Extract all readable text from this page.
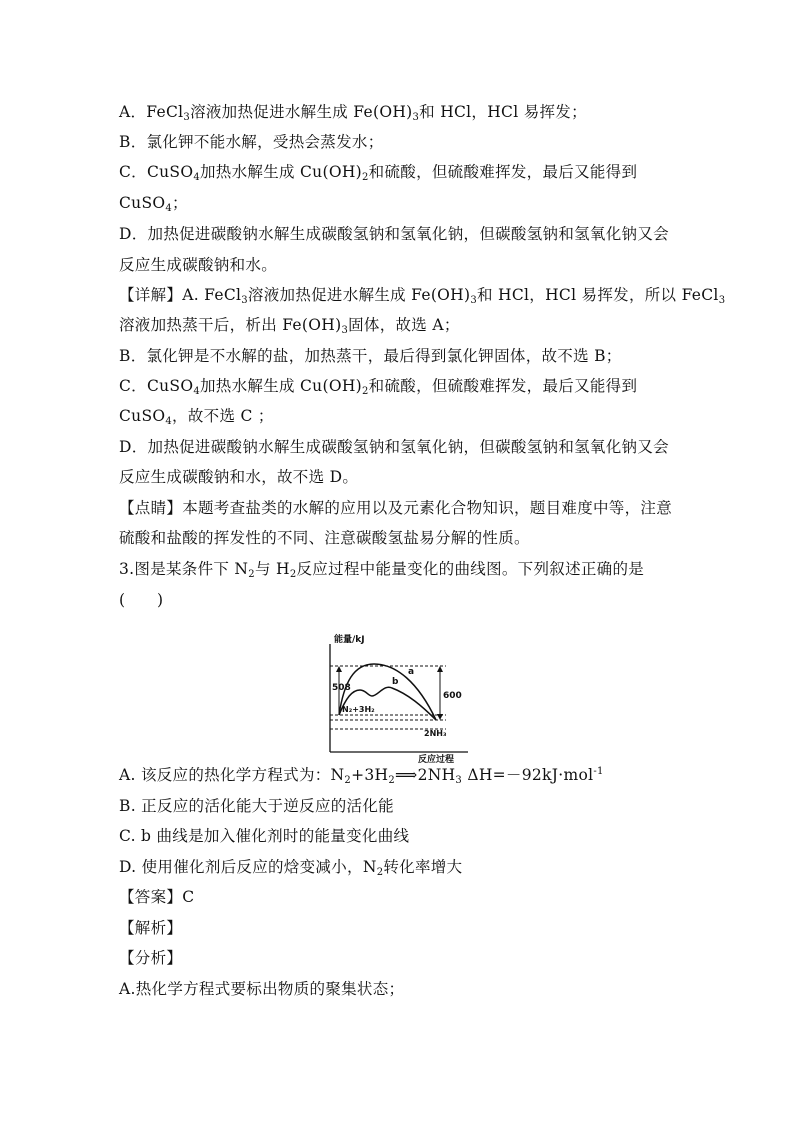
A．FeCl$_3$溶液加热促进水解生成 $Fe(OH)_3$和 HCl，HCl 易挥发；
B．氯化钾不能水解，受热会蒸发水；
C．CuSO$_4$加热水解生成 $Cu(OH)_2$和硫酸，但硫酸难挥发，最后又能得到
CuSO$_4$；
D．加热促进碳酸钠水解生成碳酸氢钠和氢氧化钠，但碳酸氢钠和氢氧化钠又会
反应生成碳酸钠和水。
【详解】A. FeCl$_3$溶液加热促进水解生成 $Fe(OH)_3$和 HCl，HCl 易挥发，所以 FeCl$_3$
溶液加热蒸干后，析出 $Fe(OH)_3$固体，故选 A；
B．氯化钾是不水解的盐，加热蒸干，最后得到氯化钾固体，故不选 B；
C．CuSO$_4$加热水解生成 $Cu(OH)_2$和硫酸，但硫酸难挥发，最后又能得到
CuSO$_4$，故不选 C ；
D．加热促进碳酸钠水解生成碳酸氢钠和氢氧化钠，但碳酸氢钠和氢氧化钠又会
反应生成碳酸钠和水，故不选 D。
【点睛】本题考查盐类的水解的应用以及元素化合物知识，题目难度中等，注意
硫酸和盐酸的挥发性的不同、注意碳酸氢盐易分解的性质。
3.图是某条件下 $N_2$与 $H_2$反应过程中能量变化的曲线图。下列叙述正确的是
(　　)
A. 该反应的热化学方程式为：$N_2+3H_2⟹2NH_3$ ΔH=－92kJ·mol$^{-1}$
B. 正反应的活化能大于逆反应的活化能
C. b 曲线是加入催化剂时的能量变化曲线
D. 使用催化剂后反应的焓变减小，$N_2$转化率增大
【答案】C
【解析】
【分析】
A.热化学方程式要标出物质的聚集状态；
能量/kJ
反应过程
508
600
a
b
N₂+3H₂
2NH₃
